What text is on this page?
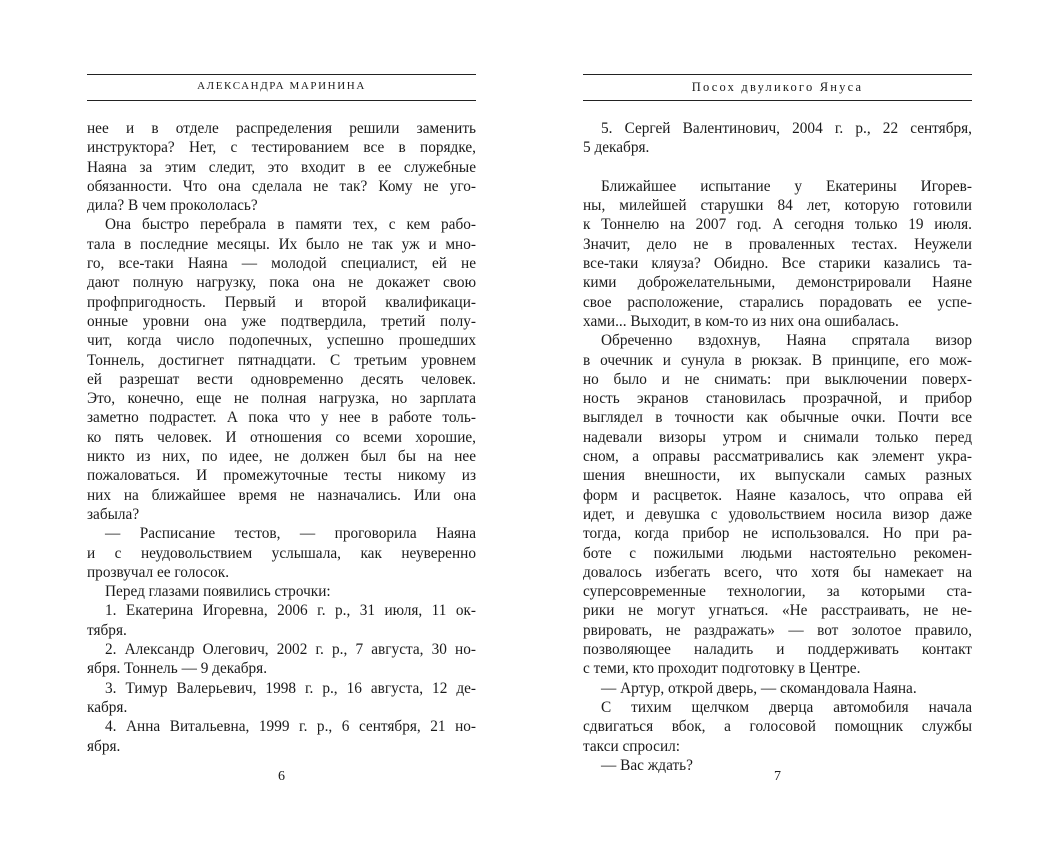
АЛЕКСАНДРА МАРИНИНА
нее и в отделе распределения решили заменить
инструктора? Нет, с тестированием все в порядке,
Наяна за этим следит, это входит в ее служебные
обязанности. Что она сделала не так? Кому не уго-
дила? В чем прокололась?
Она быстро перебрала в памяти тех, с кем рабо-
тала в последние месяцы. Их было не так уж и мно-
го, все-таки Наяна — молодой специалист, ей не
дают полную нагрузку, пока она не докажет свою
профпригодность. Первый и второй квалификаци-
онные уровни она уже подтвердила, третий полу-
чит, когда число подопечных, успешно прошедших
Тоннель, достигнет пятнадцати. С третьим уровнем
ей разрешат вести одновременно десять человек.
Это, конечно, еще не полная нагрузка, но зарплата
заметно подрастет. А пока что у нее в работе толь-
ко пять человек. И отношения со всеми хорошие,
никто из них, по идее, не должен был бы на нее
пожаловаться. И промежуточные тесты никому из
них на ближайшее время не назначались. Или она
забыла?
— Расписание тестов, — проговорила Наяна
и с неудовольствием услышала, как неуверенно
прозвучал ее голосок.
Перед глазами появились строчки:
1. Екатерина Игоревна, 2006 г. р., 31 июля, 11 ок-
тября.
2. Александр Олегович, 2002 г. р., 7 августа, 30 но-
ября. Тоннель — 9 декабря.
3. Тимур Валерьевич, 1998 г. р., 16 августа, 12 де-
кабря.
4. Анна Витальевна, 1999 г. р., 6 сентября, 21 но-
ября.
6
Посох двуликого Януса
5. Сергей Валентинович, 2004 г. р., 22 сентября,
5 декабря.
Ближайшее испытание у Екатерины Игорев-
ны, милейшей старушки 84 лет, которую готовили
к Тоннелю на 2007 год. А сегодня только 19 июля.
Значит, дело не в проваленных тестах. Неужели
все-таки кляуза? Обидно. Все старики казались та-
кими доброжелательными, демонстрировали Наяне
свое расположение, старались порадовать ее успе-
хами... Выходит, в ком-то из них она ошибалась.
Обреченно вздохнув, Наяна спрятала визор
в очечник и сунула в рюкзак. В принципе, его мож-
но было и не снимать: при выключении поверх-
ность экранов становилась прозрачной, и прибор
выглядел в точности как обычные очки. Почти все
надевали визоры утром и снимали только перед
сном, а оправы рассматривались как элемент укра-
шения внешности, их выпускали самых разных
форм и расцветок. Наяне казалось, что оправа ей
идет, и девушка с удовольствием носила визор даже
тогда, когда прибор не использовался. Но при ра-
боте с пожилыми людьми настоятельно рекомен-
довалось избегать всего, что хотя бы намекает на
суперсовременные технологии, за которыми ста-
рики не могут угнаться. «Не расстраивать, не не-
рвировать, не раздражать» — вот золотое правило,
позволяющее наладить и поддерживать контакт
с теми, кто проходит подготовку в Центре.
— Артур, открой дверь, — скомандовала Наяна.
С тихим щелчком дверца автомобиля начала
сдвигаться вбок, а голосовой помощник службы
такси спросил:
— Вас ждать?
7
